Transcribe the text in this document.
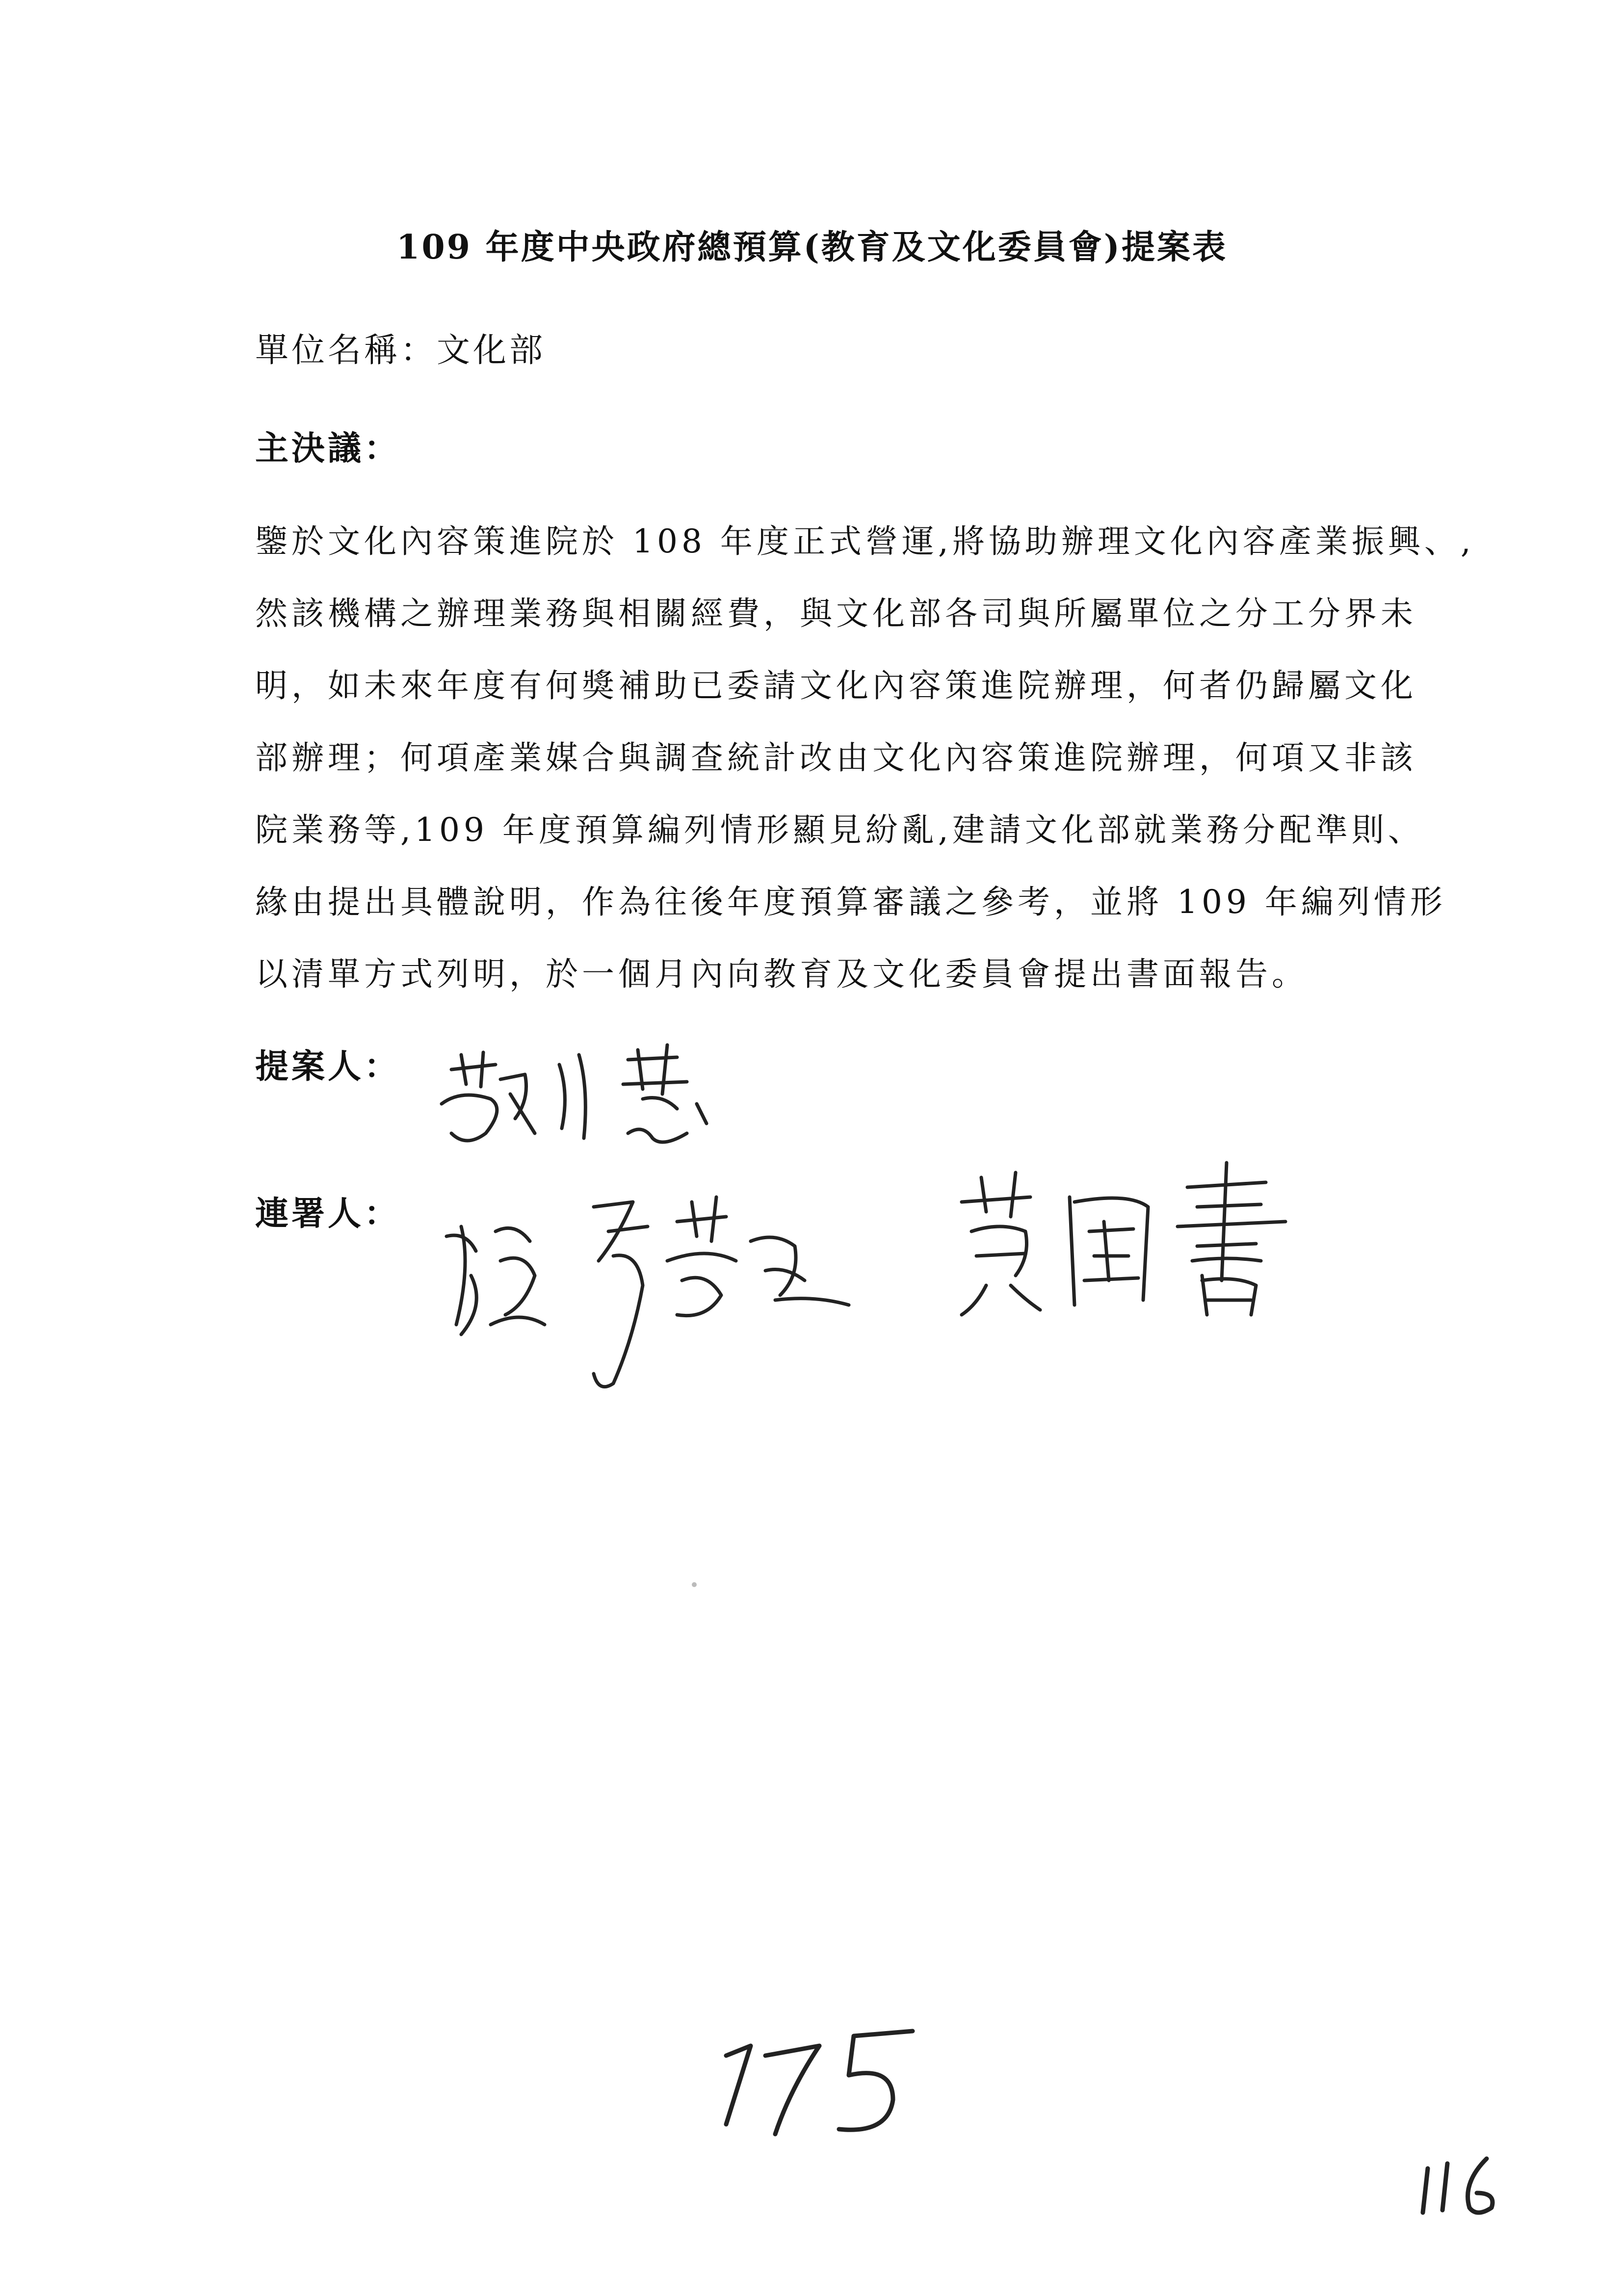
109 年度中央政府總預算(教育及文化委員會)提案表
單位名稱：文化部
主決議：
鑒於文化內容策進院於 108 年度正式營運,將協助辦理文化內容產業振興、,
然該機構之辦理業務與相關經費，與文化部各司與所屬單位之分工分界未
明，如未來年度有何獎補助已委請文化內容策進院辦理，何者仍歸屬文化
部辦理；何項產業媒合與調查統計改由文化內容策進院辦理，何項又非該
院業務等,109 年度預算編列情形顯見紛亂,建請文化部就業務分配準則、
緣由提出具體說明，作為往後年度預算審議之參考，並將 109 年編列情形
以清單方式列明，於一個月內向教育及文化委員會提出書面報告。
提案人：
連署人：
